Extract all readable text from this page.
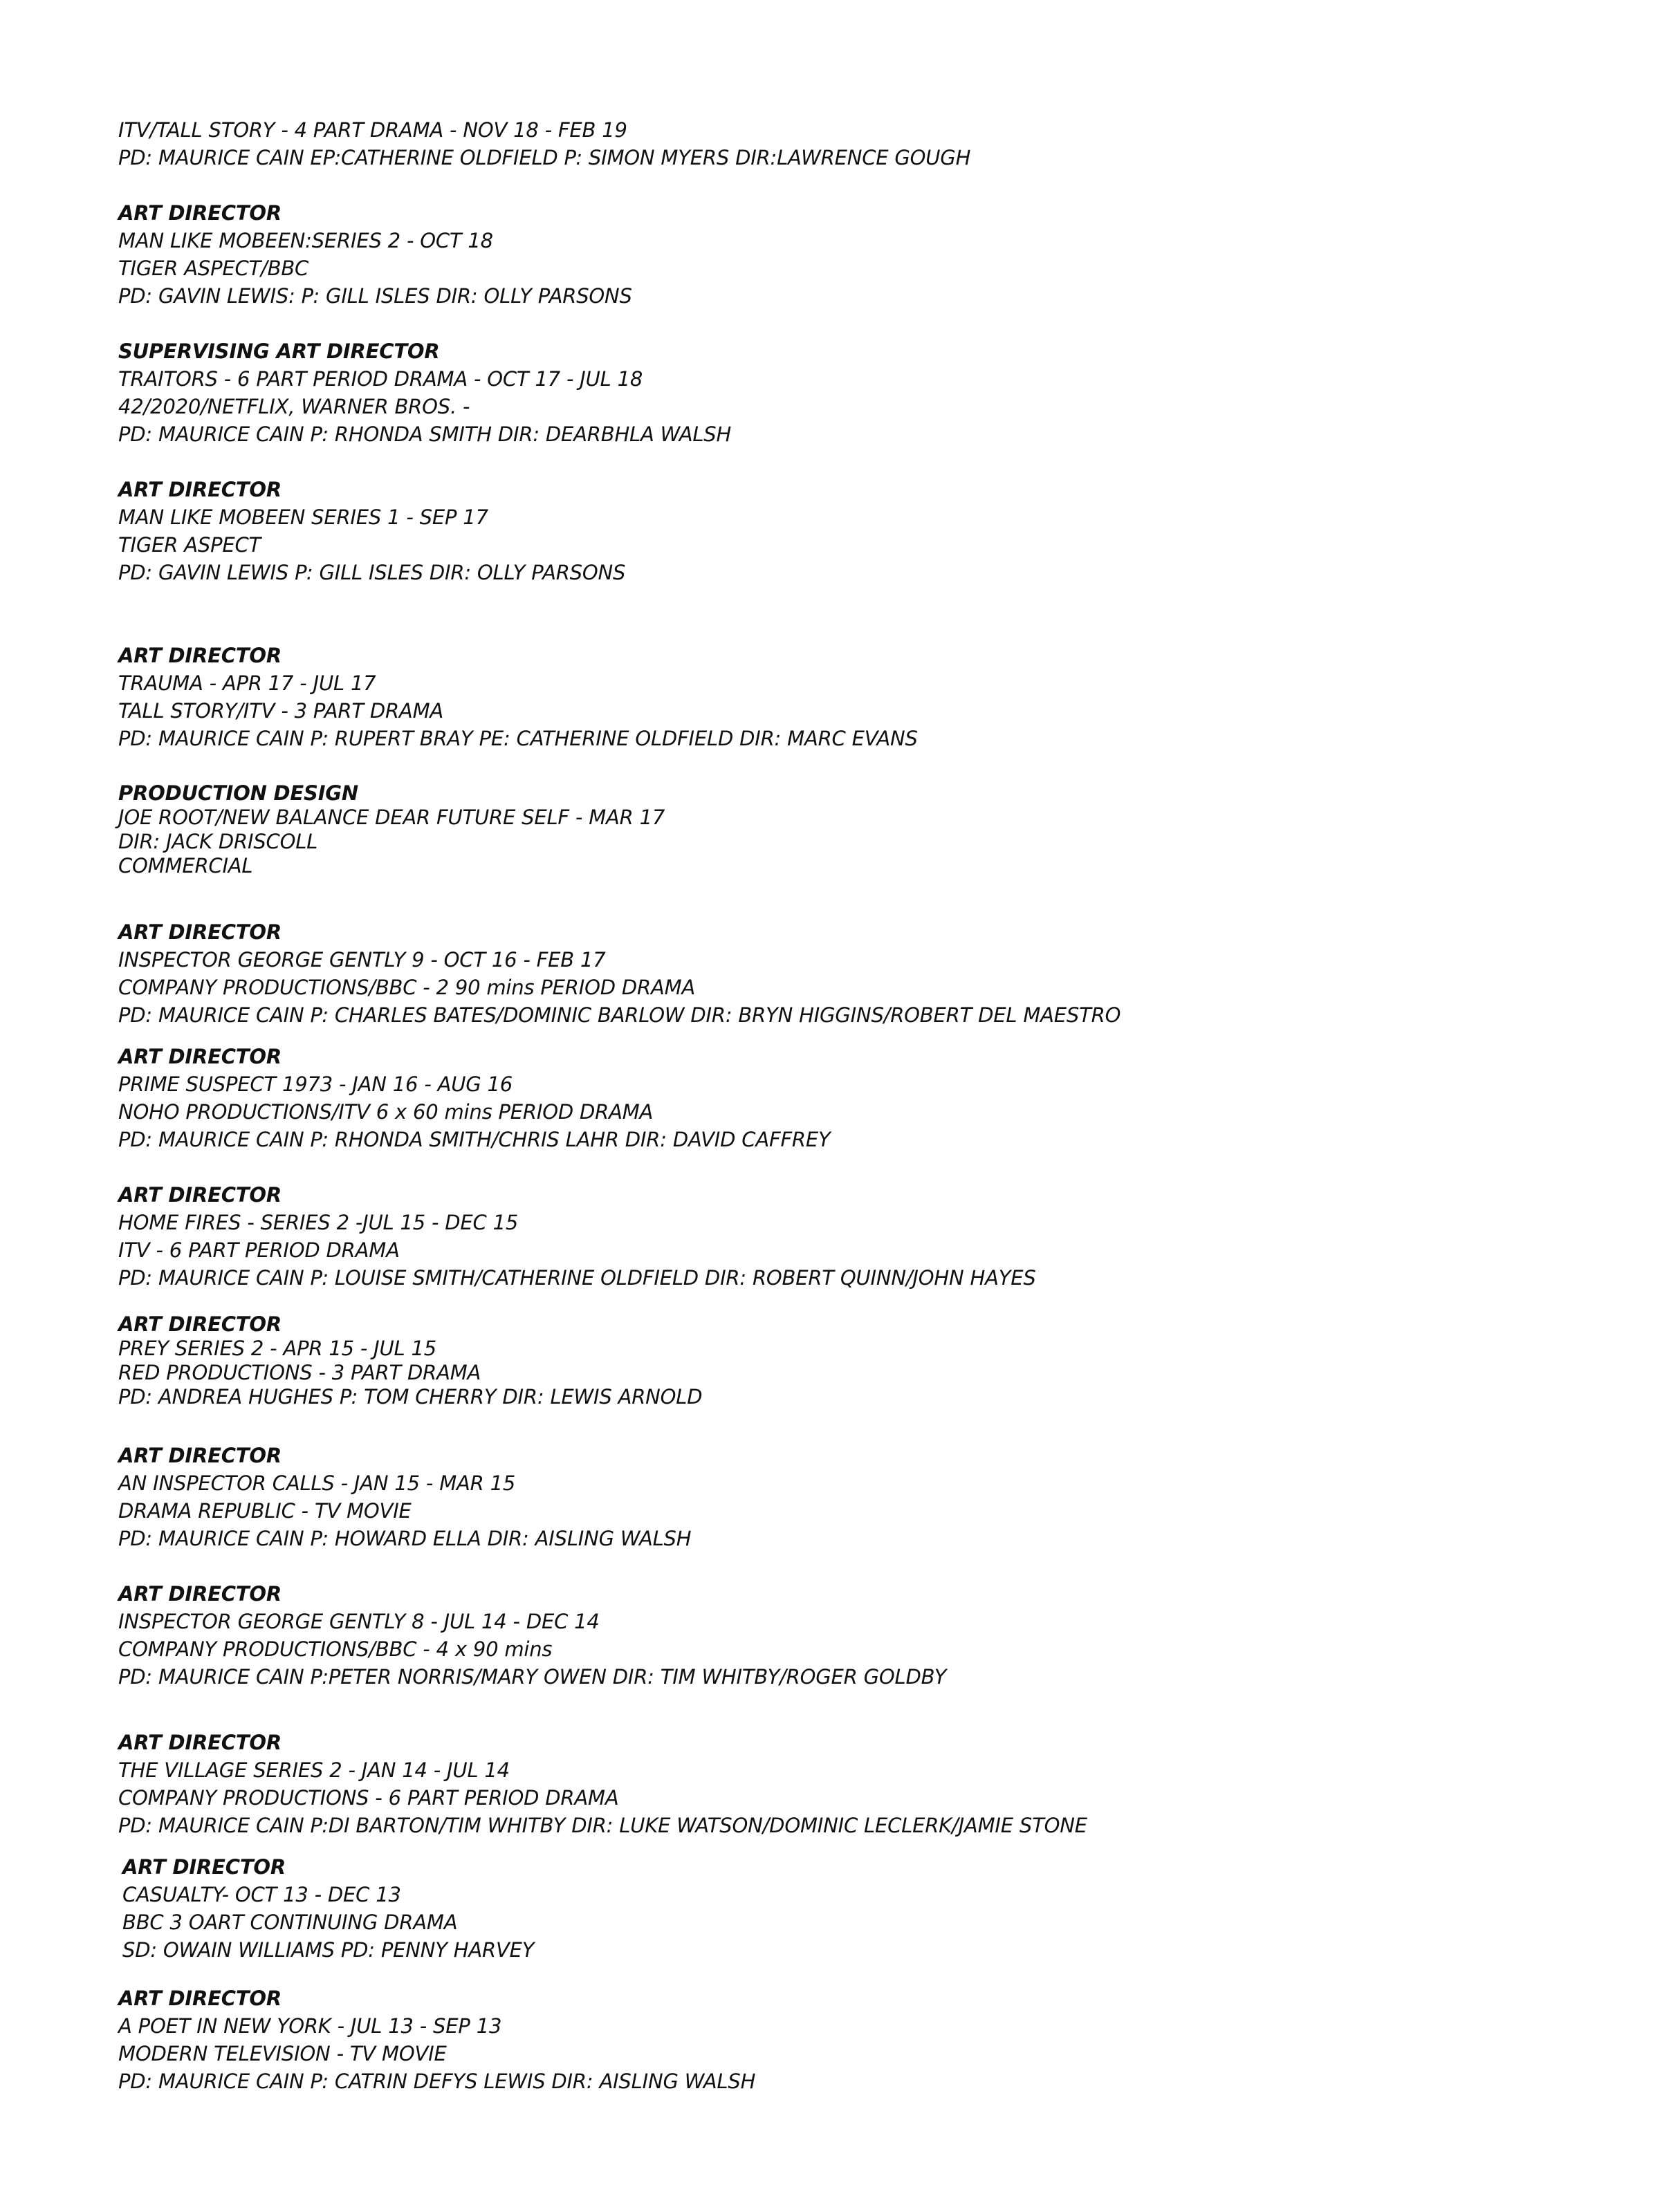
ITV/TALL STORY - 4 PART DRAMA - NOV 18 - FEB 19
PD: MAURICE CAIN EP:CATHERINE OLDFIELD P: SIMON MYERS DIR:LAWRENCE GOUGH
ART DIRECTOR
MAN LIKE MOBEEN:SERIES 2 - OCT 18
TIGER ASPECT/BBC
PD: GAVIN LEWIS: P: GILL ISLES DIR: OLLY PARSONS
SUPERVISING ART DIRECTOR
TRAITORS - 6 PART PERIOD DRAMA - OCT 17 - JUL 18
42/2020/NETFLIX, WARNER BROS. -
PD: MAURICE CAIN P: RHONDA SMITH DIR: DEARBHLA WALSH
ART DIRECTOR
MAN LIKE MOBEEN SERIES 1 - SEP 17
TIGER ASPECT
PD: GAVIN LEWIS P: GILL ISLES DIR: OLLY PARSONS
ART DIRECTOR
TRAUMA - APR 17 - JUL 17
TALL STORY/ITV - 3 PART DRAMA
PD: MAURICE CAIN P: RUPERT BRAY PE: CATHERINE OLDFIELD DIR: MARC EVANS
PRODUCTION DESIGN
JOE ROOT/NEW BALANCE DEAR FUTURE SELF - MAR 17
DIR: JACK DRISCOLL
COMMERCIAL
ART DIRECTOR
INSPECTOR GEORGE GENTLY 9 - OCT 16 - FEB 17
COMPANY PRODUCTIONS/BBC - 2 90 mins PERIOD DRAMA
PD: MAURICE CAIN P: CHARLES BATES/DOMINIC BARLOW DIR: BRYN HIGGINS/ROBERT DEL MAESTRO
ART DIRECTOR
PRIME SUSPECT 1973 - JAN 16 - AUG 16
NOHO PRODUCTIONS/ITV 6 x 60 mins PERIOD DRAMA
PD: MAURICE CAIN P: RHONDA SMITH/CHRIS LAHR DIR: DAVID CAFFREY
ART DIRECTOR
HOME FIRES - SERIES 2 -JUL 15 - DEC 15
ITV - 6 PART PERIOD DRAMA
PD: MAURICE CAIN P: LOUISE SMITH/CATHERINE OLDFIELD DIR: ROBERT QUINN/JOHN HAYES
ART DIRECTOR
PREY SERIES 2 - APR 15 - JUL 15
RED PRODUCTIONS - 3 PART DRAMA
PD: ANDREA HUGHES P: TOM CHERRY DIR: LEWIS ARNOLD
ART DIRECTOR
AN INSPECTOR CALLS - JAN 15 - MAR 15
DRAMA REPUBLIC - TV MOVIE
PD: MAURICE CAIN P: HOWARD ELLA DIR: AISLING WALSH
ART DIRECTOR
INSPECTOR GEORGE GENTLY 8 - JUL 14 - DEC 14
COMPANY PRODUCTIONS/BBC - 4 x 90 mins
PD: MAURICE CAIN P:PETER NORRIS/MARY OWEN DIR: TIM WHITBY/ROGER GOLDBY
ART DIRECTOR
THE VILLAGE SERIES 2 - JAN 14 - JUL 14
COMPANY PRODUCTIONS - 6 PART PERIOD DRAMA
PD: MAURICE CAIN P:DI BARTON/TIM WHITBY DIR: LUKE WATSON/DOMINIC LECLERK/JAMIE STONE
ART DIRECTOR
CASUALTY- OCT 13 - DEC 13
BBC 3 OART CONTINUING DRAMA
SD: OWAIN WILLIAMS PD: PENNY HARVEY
ART DIRECTOR
A POET IN NEW YORK - JUL 13 - SEP 13
MODERN TELEVISION - TV MOVIE
PD: MAURICE CAIN P: CATRIN DEFYS LEWIS DIR: AISLING WALSH
